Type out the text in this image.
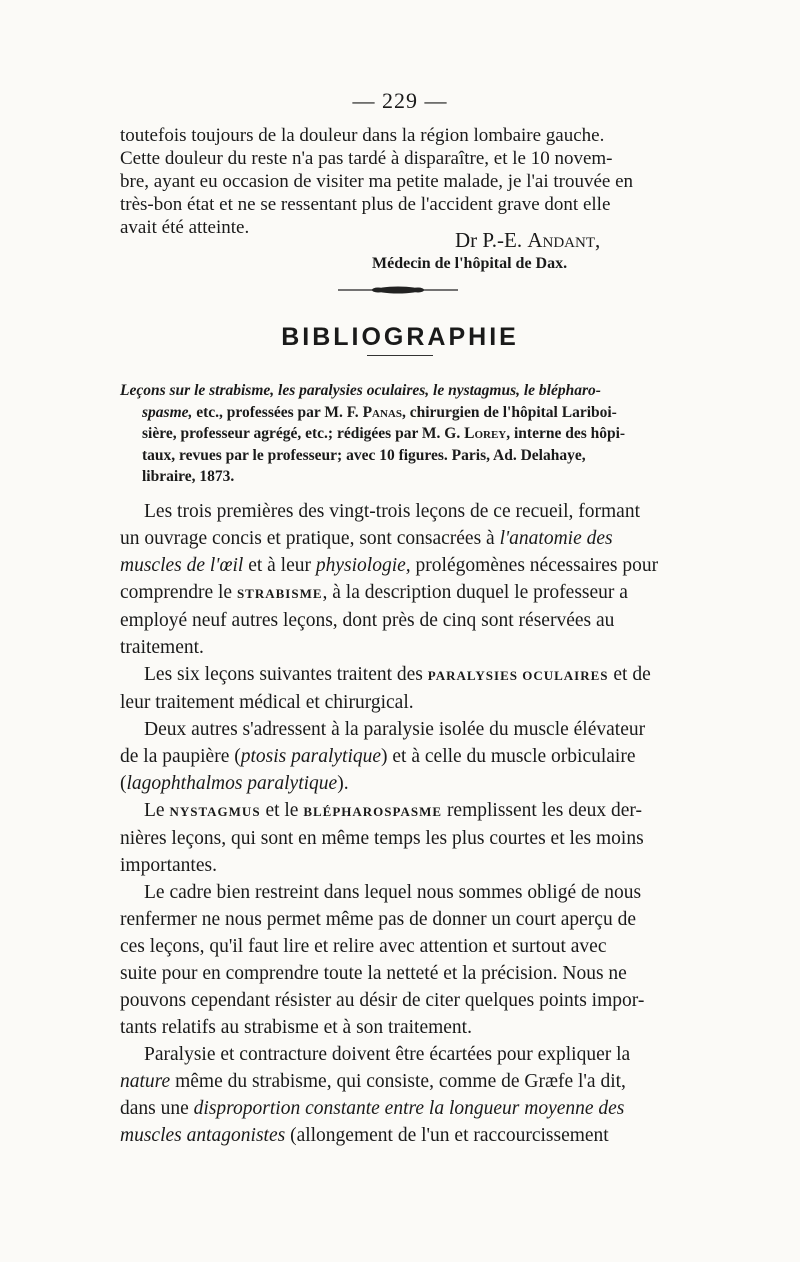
— 229 —
toutefois toujours de la douleur dans la région lombaire gauche.
Cette douleur du reste n'a pas tardé à disparaître, et le 10 novem-
bre, ayant eu occasion de visiter ma petite malade, je l'ai trouvée en
très-bon état et ne se ressentant plus de l'accident grave dont elle
avait été atteinte.
Dr P.-E. Andant,
Médecin de l'hôpital de Dax.
BIBLIOGRAPHIE
Leçons sur le strabisme, les paralysies oculaires, le nystagmus, le blépharo-
spasme, etc., professées par M. F. Panas, chirurgien de l'hôpital Lariboi-
sière, professeur agrégé, etc.; rédigées par M. G. Lorey, interne des hôpi-
taux, revues par le professeur; avec 10 figures. Paris, Ad. Delahaye,
libraire, 1873.
Les trois premières des vingt-trois leçons de ce recueil, formant
un ouvrage concis et pratique, sont consacrées à l'anatomie des
muscles de l'œil et à leur physiologie, prolégomènes nécessaires pour
comprendre le STRABISME, à la description duquel le professeur a
employé neuf autres leçons, dont près de cinq sont réservées au
traitement.
Les six leçons suivantes traitent des PARALYSIES OCULAIRES et de
leur traitement médical et chirurgical.
Deux autres s'adressent à la paralysie isolée du muscle élévateur
de la paupière (ptosis paralytique) et à celle du muscle orbiculaire
(lagophthalmos paralytique).
Le NYSTAGMUS et le BLÉPHAROSPASME remplissent les deux der-
nières leçons, qui sont en même temps les plus courtes et les moins
importantes.
Le cadre bien restreint dans lequel nous sommes obligé de nous
renfermer ne nous permet même pas de donner un court aperçu de
ces leçons, qu'il faut lire et relire avec attention et surtout avec
suite pour en comprendre toute la netteté et la précision. Nous ne
pouvons cependant résister au désir de citer quelques points impor-
tants relatifs au strabisme et à son traitement.
Paralysie et contracture doivent être écartées pour expliquer la
nature même du strabisme, qui consiste, comme de Græfe l'a dit,
dans une disproportion constante entre la longueur moyenne des
muscles antagonistes (allongement de l'un et raccourcissement
